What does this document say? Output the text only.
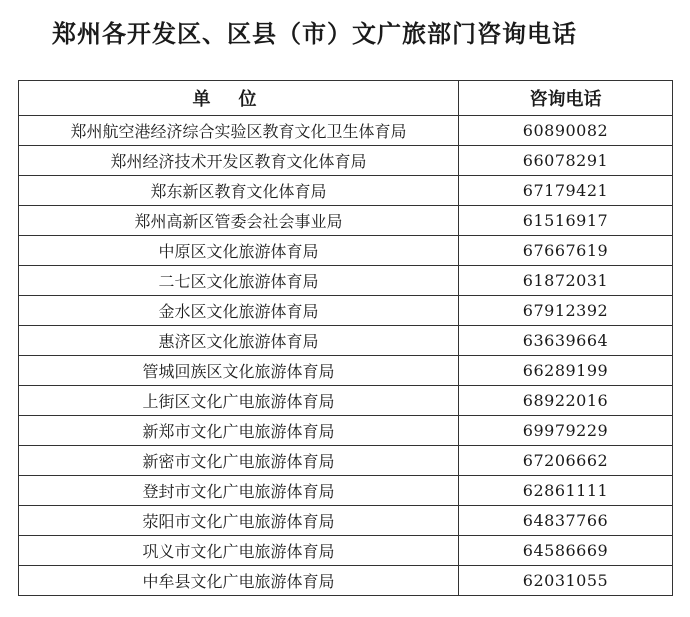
郑州各开发区、区县（市）文广旅部门咨询电话
单位	咨询电话
郑州航空港经济综合实验区教育文化卫生体育局	60890082
郑州经济技术开发区教育文化体育局	66078291
郑东新区教育文化体育局	67179421
郑州高新区管委会社会事业局	61516917
中原区文化旅游体育局	67667619
二七区文化旅游体育局	61872031
金水区文化旅游体育局	67912392
惠济区文化旅游体育局	63639664
管城回族区文化旅游体育局	66289199
上街区文化广电旅游体育局	68922016
新郑市文化广电旅游体育局	69979229
新密市文化广电旅游体育局	67206662
登封市文化广电旅游体育局	62861111
荥阳市文化广电旅游体育局	64837766
巩义市文化广电旅游体育局	64586669
中牟县文化广电旅游体育局	62031055
